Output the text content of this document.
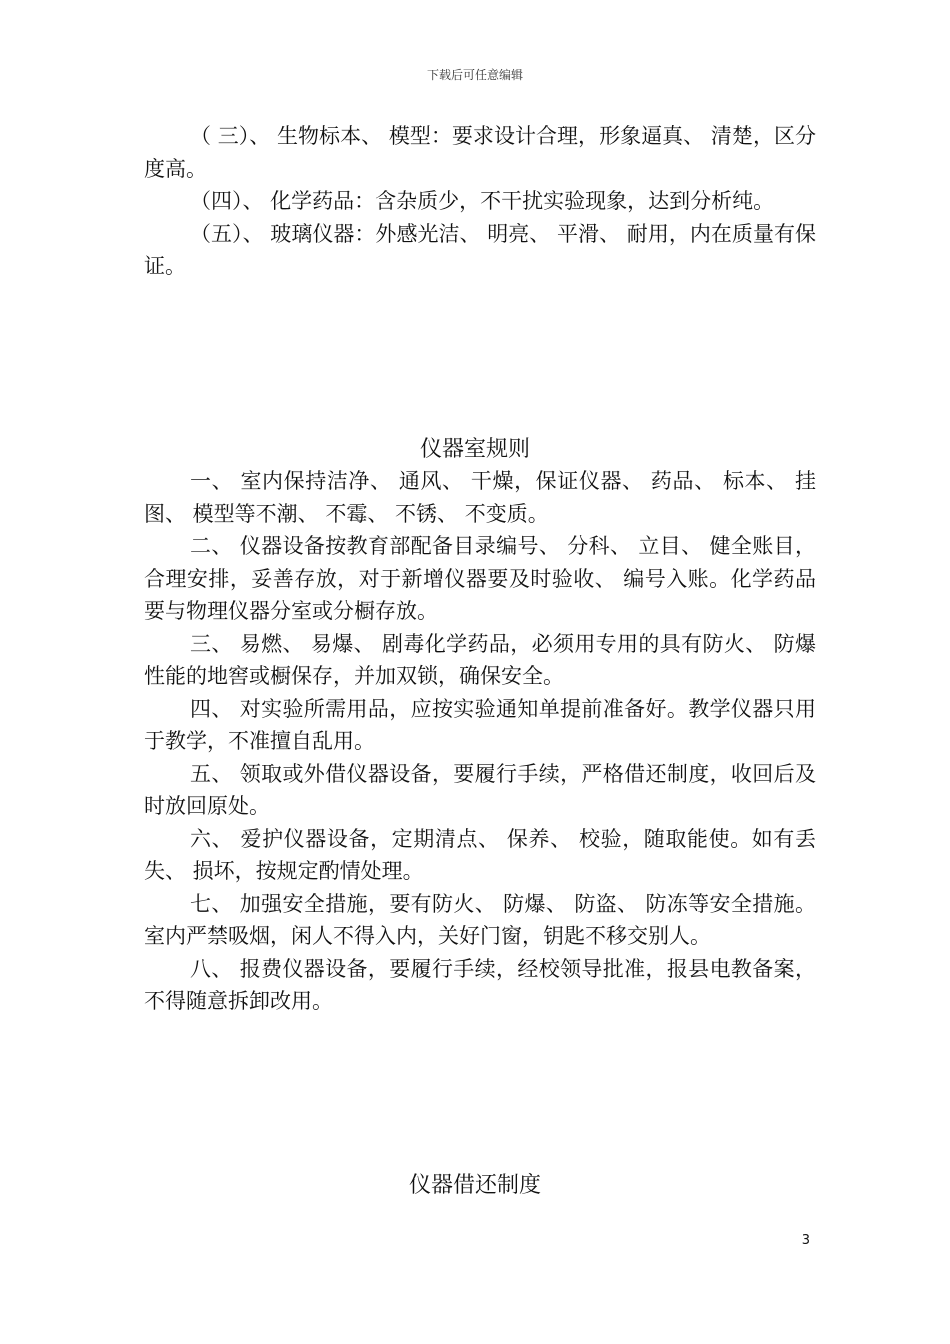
下载后可任意编辑

（ 三）、 生物标本、 模型：要求设计合理，形象逼真、 清楚，区分度高。

（四）、 化学药品：含杂质少，不干扰实验现象，达到分析纯。

（五）、 玻璃仪器：外感光洁、 明亮、 平滑、 耐用，内在质量有保证。

仪器室规则

一、 室内保持洁净、 通风、 干燥，保证仪器、 药品、 标本、 挂图、 模型等不潮、 不霉、 不锈、 不变质。

二、 仪器设备按教育部配备目录编号、 分科、 立目、 健全账目，合理安排，妥善存放，对于新增仪器要及时验收、 编号入账。化学药品要与物理仪器分室或分橱存放。

三、 易燃、 易爆、 剧毒化学药品，必须用专用的具有防火、 防爆性能的地窖或橱保存，并加双锁，确保安全。

四、 对实验所需用品，应按实验通知单提前准备好。教学仪器只用于教学，不准擅自乱用。

五、 领取或外借仪器设备，要履行手续，严格借还制度，收回后及时放回原处。

六、 爱护仪器设备，定期清点、 保养、 校验，随取能使。如有丢失、 损坏，按规定酌情处理。

七、 加强安全措施，要有防火、 防爆、 防盗、 防冻等安全措施。室内严禁吸烟，闲人不得入内，关好门窗，钥匙不移交别人。

八、 报费仪器设备，要履行手续，经校领导批准，报县电教备案，不得随意拆卸改用。

仪器借还制度
3
